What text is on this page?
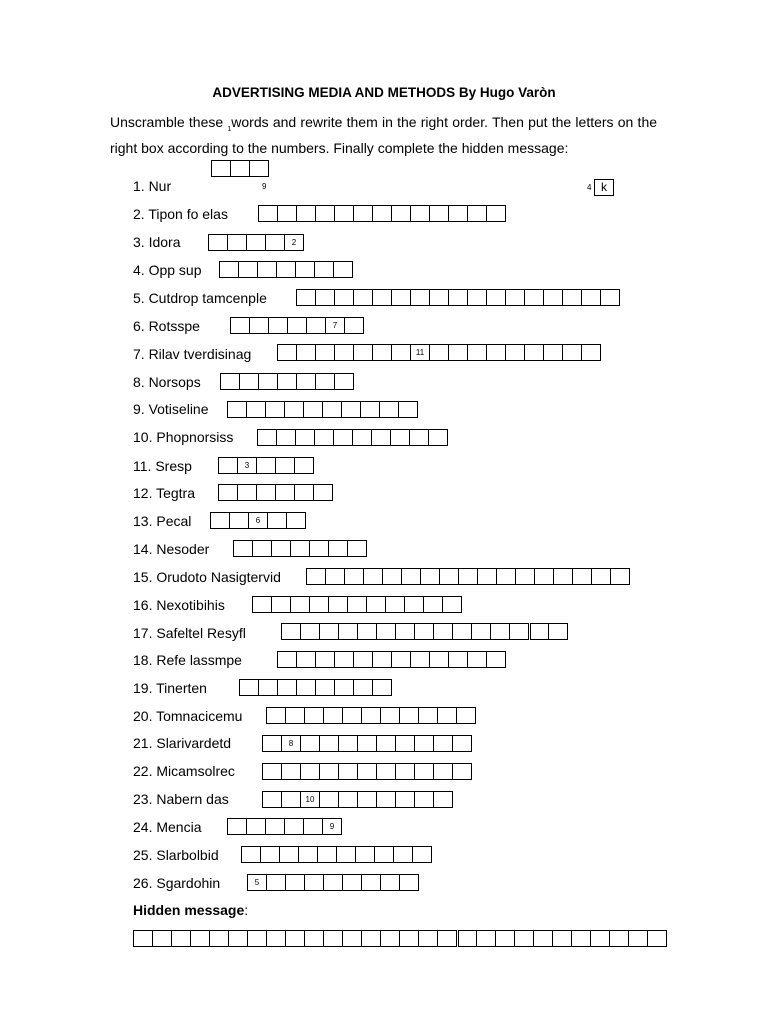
ADVERTISING MEDIA AND METHODS By Hugo Varòn
Unscramble these $_1$words and rewrite them in the right order. Then put the letters on the right box according to the numbers. Finally complete the hidden message:
1. Nur	9	4 k
2. Tipon fo elas
3. Idora	2
4. Opp sup
5. Cutdrop tamcenple
6. Rotsspe	7
7. Rilav tverdisinag	11
8. Norsops
9. Votiseline
10. Phopnorsiss
11. Sresp	3
12. Tegtra
13. Pecal	6
14. Nesoder
15. Orudoto Nasigtervid
16. Nexotibihis
17. Safeltel Resyfl
18. Refe lassmpe
19. Tinerten
20. Tomnacicemu
21. Slarivardetd	8
22. Micamsolrec
23. Nabern das	10
24. Mencia	9
25. Slarbolbid
26. Sgardohin	5
Hidden message:
